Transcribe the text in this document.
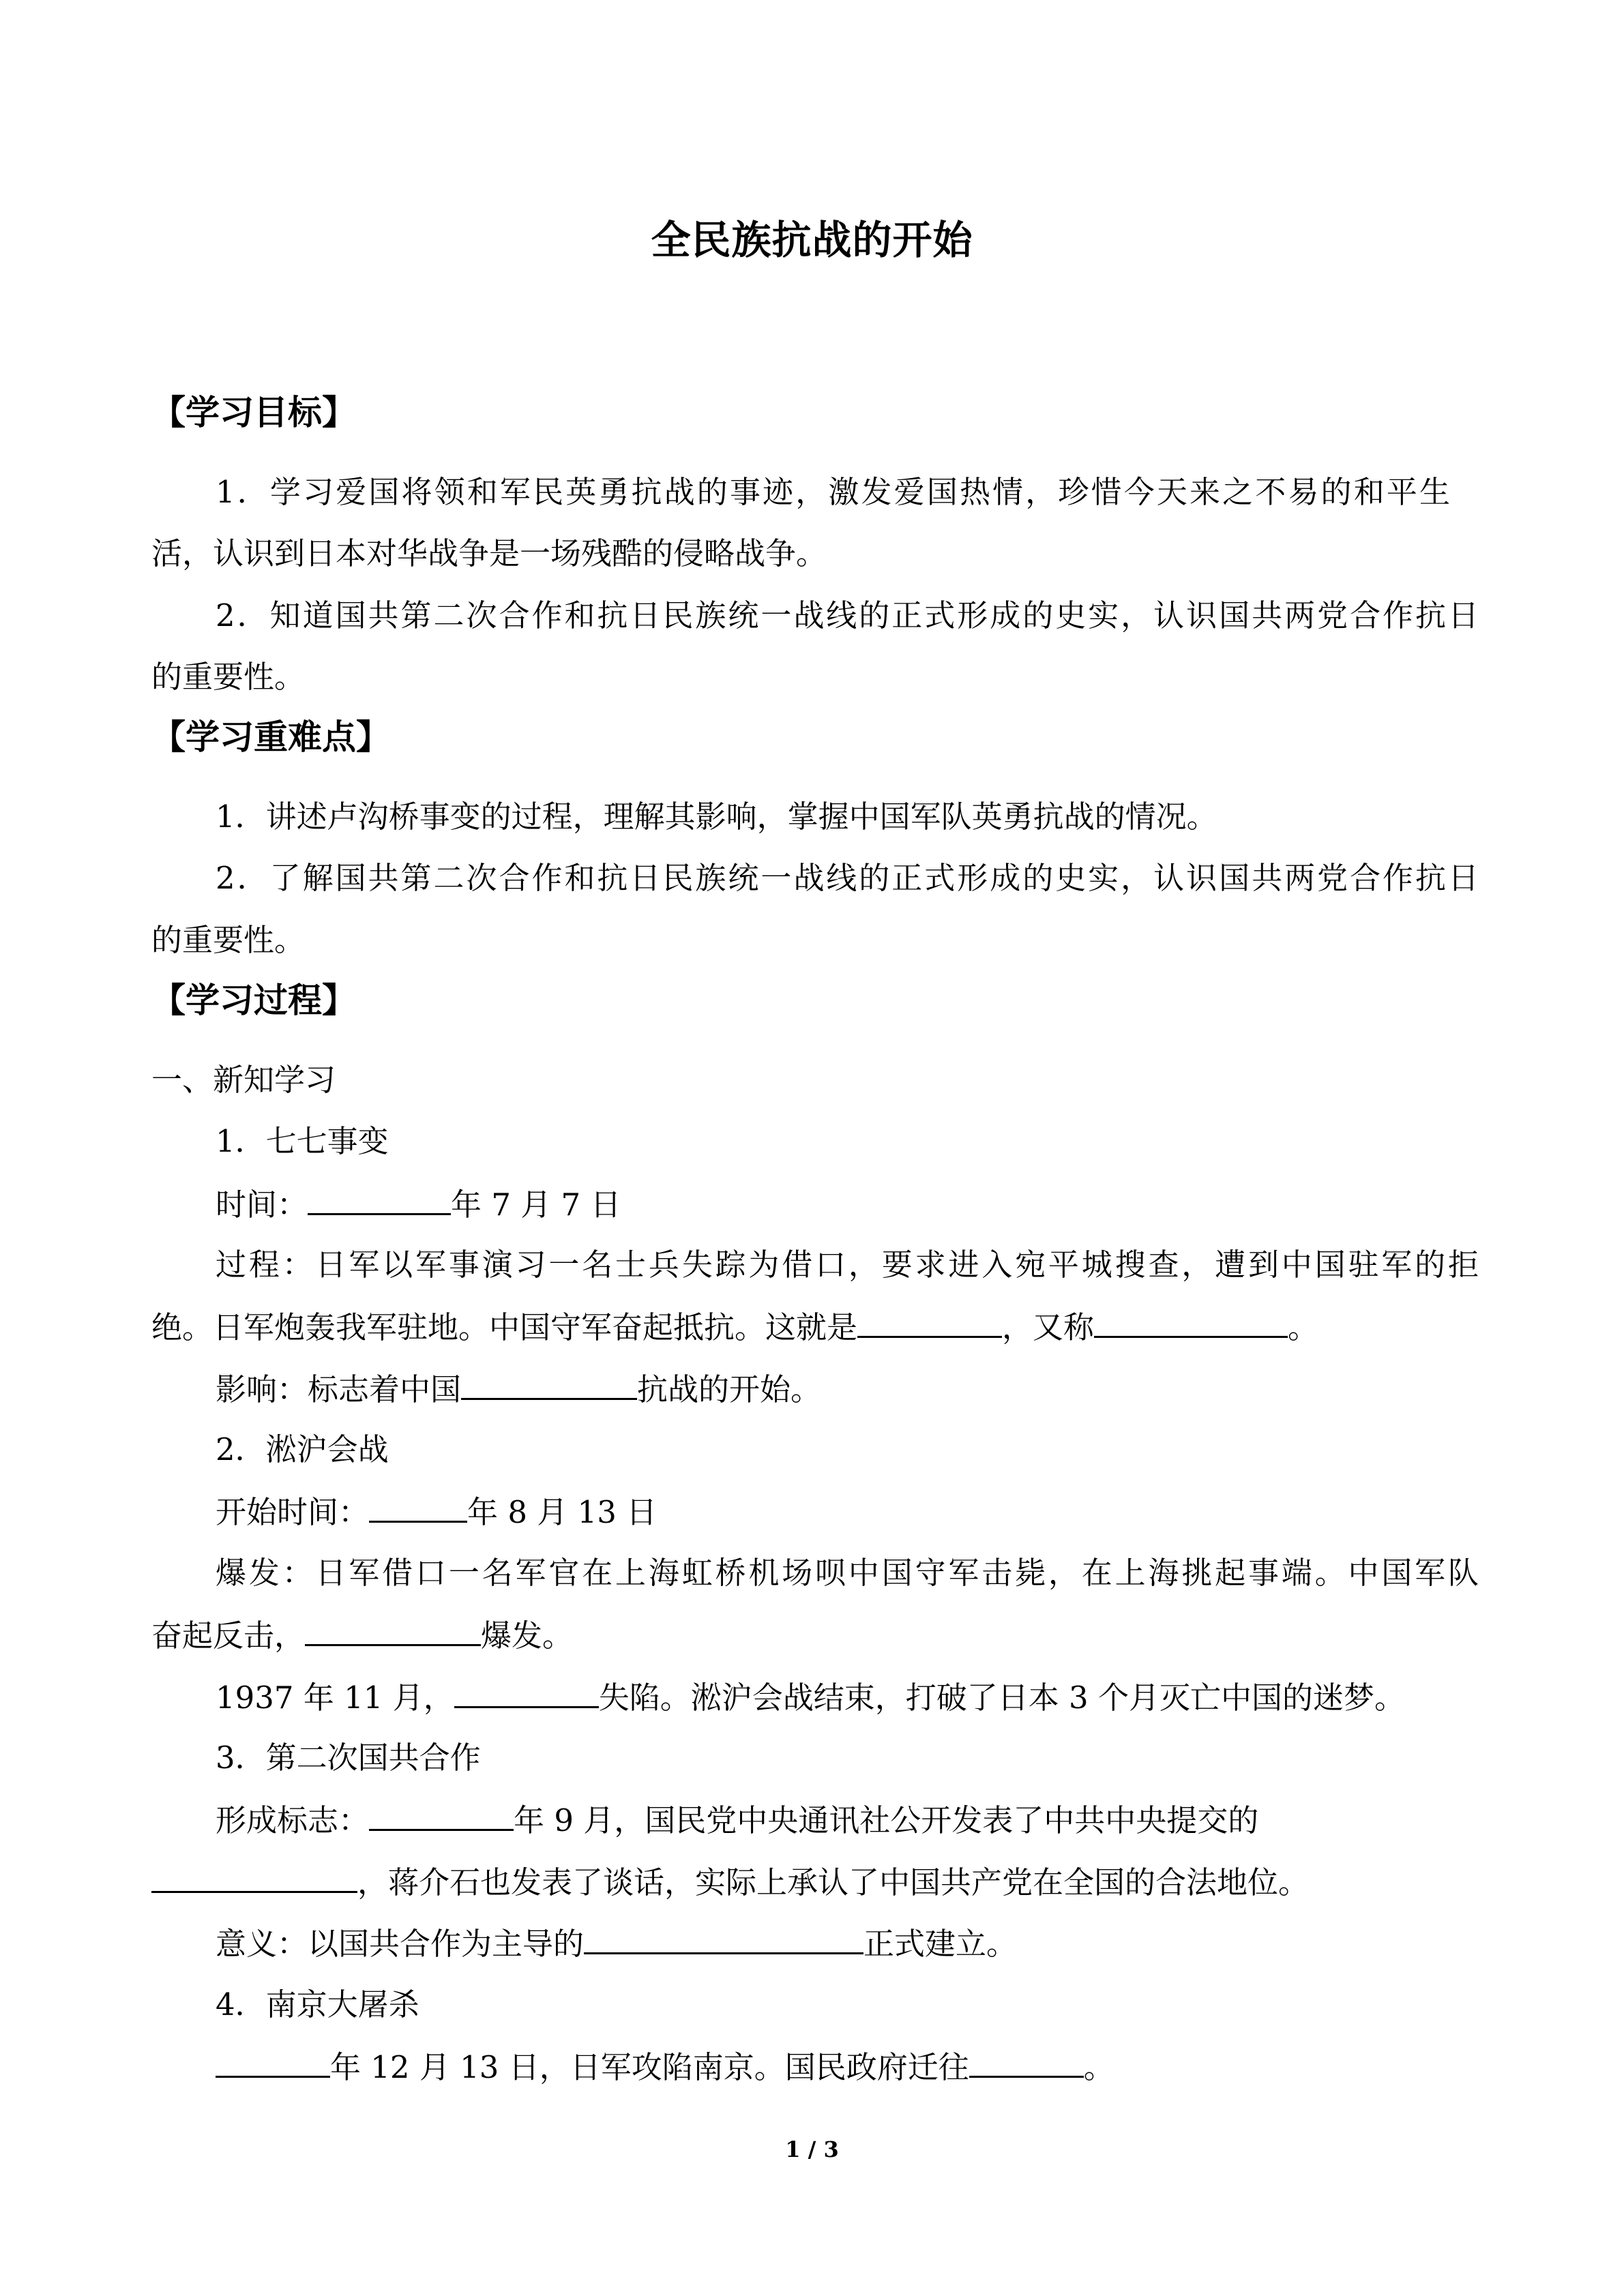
全民族抗战的开始
【学习目标】
1．学习爱国将领和军民英勇抗战的事迹，激发爱国热情，珍惜今天来之不易的和平生
活，认识到日本对华战争是一场残酷的侵略战争。
2．知道国共第二次合作和抗日民族统一战线的正式形成的史实，认识国共两党合作抗日
的重要性。
【学习重难点】
1．讲述卢沟桥事变的过程，理解其影响，掌握中国军队英勇抗战的情况。
2．了解国共第二次合作和抗日民族统一战线的正式形成的史实，认识国共两党合作抗日
的重要性。
【学习过程】
一、新知学习
1．七七事变
时间：	年 7 月 7 日
过程：日军以军事演习一名士兵失踪为借口，要求进入宛平城搜查，遭到中国驻军的拒
绝。日军炮轰我军驻地。中国守军奋起抵抗。这就是	，又称	。
影响：标志着中国	抗战的开始。
2．淞沪会战
开始时间：	年 8 月 13 日
爆发：日军借口一名军官在上海虹桥机场呗中国守军击毙，在上海挑起事端。中国军队
奋起反击，	爆发。
1937 年 11 月，	失陷。淞沪会战结束，打破了日本 3 个月灭亡中国的迷梦。
3．第二次国共合作
形成标志：	年 9 月，国民党中央通讯社公开发表了中共中央提交的
，蒋介石也发表了谈话，实际上承认了中国共产党在全国的合法地位。
意义：以国共合作为主导的	正式建立。
4．南京大屠杀
年 12 月 13 日，日军攻陷南京。国民政府迁往	。
1 / 3
